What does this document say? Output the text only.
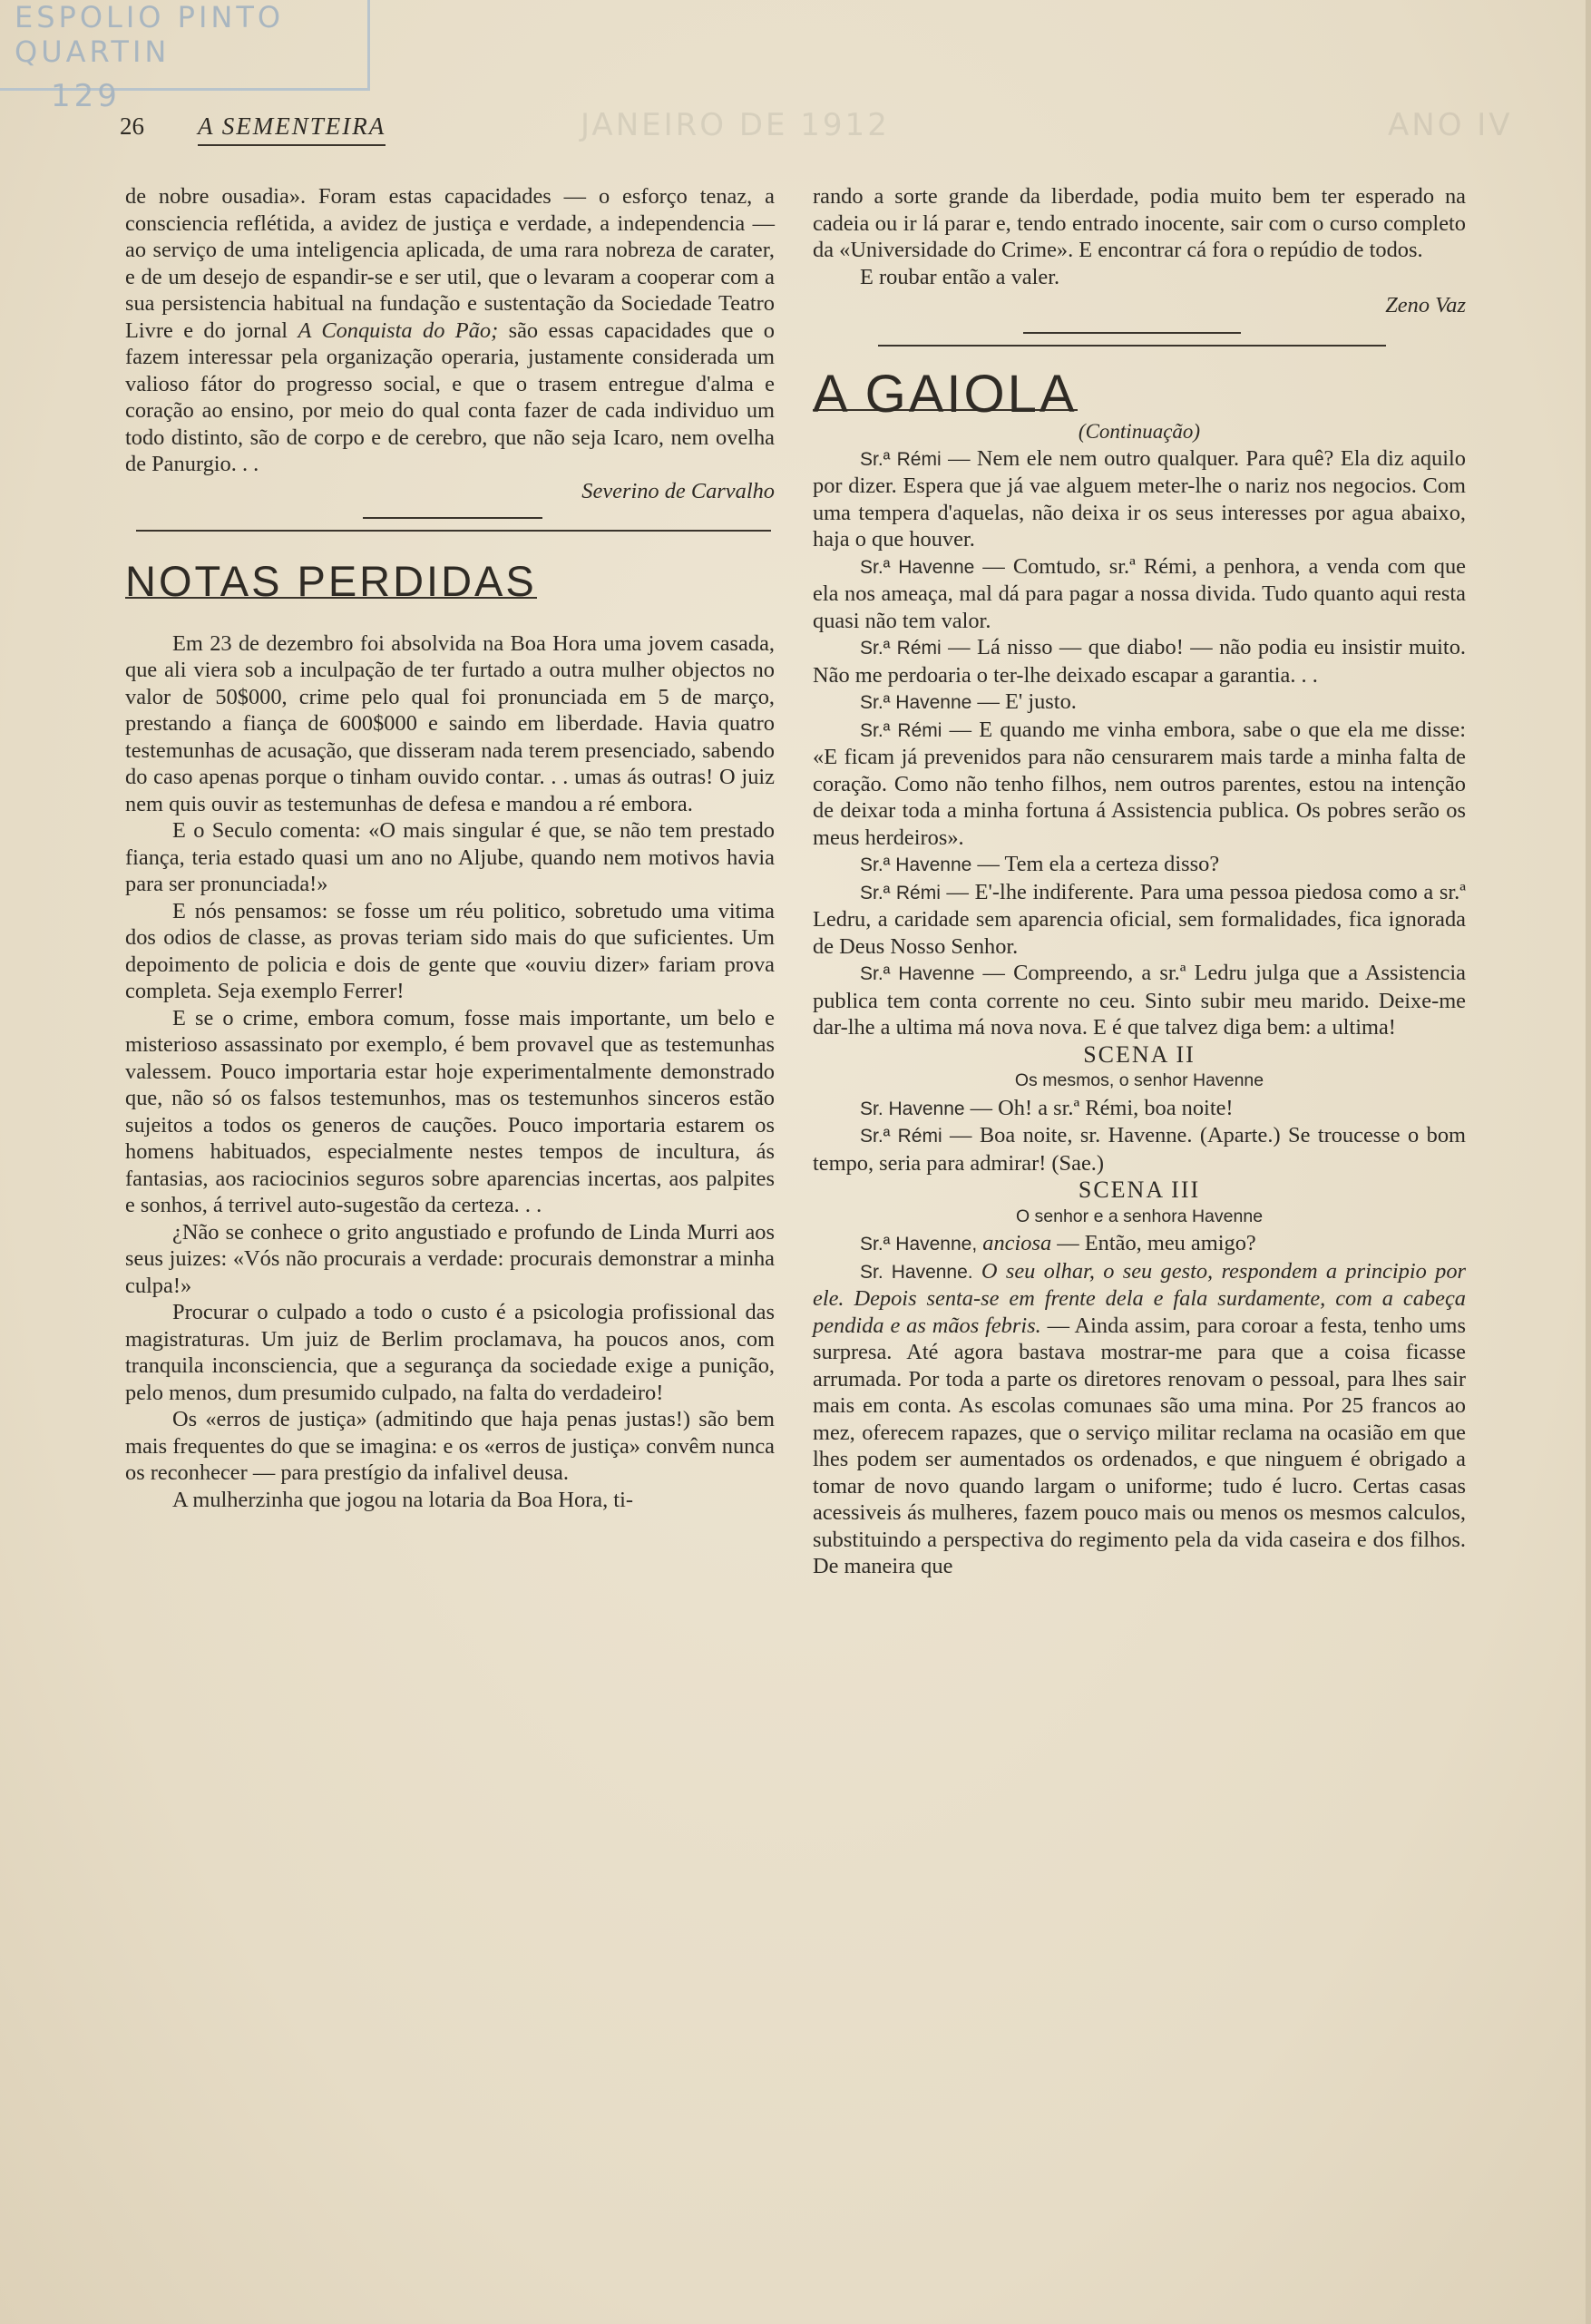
ESPOLIO PINTO QUARTIN
129
JANEIRO DE 1912	ANO IV
26 A SEMENTEIRA

de nobre ousadia». Foram estas capacidades — o esforço tenaz, a consciencia reflétida, a avidez de justiça e verdade, a independencia — ao serviço de uma inteligencia aplicada, de uma rara nobreza de carater, e de um desejo de espandir-se e ser util, que o levaram a cooperar com a sua persistencia habitual na fundação e sustentação da Sociedade Teatro Livre e do jornal A Conquista do Pão; são essas capacidades que o fazem interessar pela organização operaria, justamente considerada um valioso fátor do progresso social, e que o trasem entregue d'alma e coração ao ensino, por meio do qual conta fazer de cada individuo um todo distinto, são de corpo e de cerebro, que não seja Icaro, nem ovelha de Panurgio. . .

Severino de Carvalho

NOTAS PERDIDAS

Em 23 de dezembro foi absolvida na Boa Hora uma jovem casada, que ali viera sob a inculpação de ter furtado a outra mulher objectos no valor de 50$000, crime pelo qual foi pronunciada em 5 de março, prestando a fiança de 600$000 e saindo em liberdade. Havia quatro testemunhas de acusação, que disseram nada terem presenciado, sabendo do caso apenas porque o tinham ouvido contar. . . umas ás outras! O juiz nem quis ouvir as testemunhas de defesa e mandou a ré embora.

E o Seculo comenta: «O mais singular é que, se não tem prestado fiança, teria estado quasi um ano no Aljube, quando nem motivos havia para ser pronunciada!»

E nós pensamos: se fosse um réu politico, sobretudo uma vitima dos odios de classe, as provas teriam sido mais do que suficientes. Um depoimento de policia e dois de gente que «ouviu dizer» fariam prova completa. Seja exemplo Ferrer!

E se o crime, embora comum, fosse mais importante, um belo e misterioso assassinato por exemplo, é bem provavel que as testemunhas valessem. Pouco importaria estar hoje experimentalmente demonstrado que, não só os falsos testemunhos, mas os testemunhos sinceros estão sujeitos a todos os generos de cauções. Pouco importaria estarem os homens habituados, especialmente nestes tempos de incultura, ás fantasias, aos raciocinios seguros sobre aparencias incertas, aos palpites e sonhos, á terrivel auto-sugestão da certeza. . .

¿Não se conhece o grito angustiado e profundo de Linda Murri aos seus juizes: «Vós não procurais a verdade: procurais demonstrar a minha culpa!»

Procurar o culpado a todo o custo é a psicologia profissional das magistraturas. Um juiz de Berlim proclamava, ha poucos anos, com tranquila inconsciencia, que a segurança da sociedade exige a punição, pelo menos, dum presumido culpado, na falta do verdadeiro!

Os «erros de justiça» (admitindo que haja penas justas!) são bem mais frequentes do que se imagina: e os «erros de justiça» convêm nunca os reconhecer — para prestígio da infalivel deusa.

A mulherzinha que jogou na lotaria da Boa Hora, ti-

rando a sorte grande da liberdade, podia muito bem ter esperado na cadeia ou ir lá parar e, tendo entrado inocente, sair com o curso completo da «Universidade do Crime». E encontrar cá fora o repúdio de todos.

E roubar então a valer.

Zeno Vaz

A GAIOLA

(Continuação)

Sr.ª Rémi — Nem ele nem outro qualquer. Para quê? Ela diz aquilo por dizer. Espera que já vae alguem meter-lhe o nariz nos negocios. Com uma tempera d'aquelas, não deixa ir os seus interesses por agua abaixo, haja o que houver.

Sr.ª Havenne — Comtudo, sr.ª Rémi, a penhora, a venda com que ela nos ameaça, mal dá para pagar a nossa divida. Tudo quanto aqui resta quasi não tem valor.

Sr.ª Rémi — Lá nisso — que diabo! — não podia eu insistir muito. Não me perdoaria o ter-lhe deixado escapar a garantia. . .

Sr.ª Havenne — E' justo.

Sr.ª Rémi — E quando me vinha embora, sabe o que ela me disse: «E ficam já prevenidos para não censurarem mais tarde a minha falta de coração. Como não tenho filhos, nem outros parentes, estou na intenção de deixar toda a minha fortuna á Assistencia publica. Os pobres serão os meus herdeiros».

Sr.ª Havenne — Tem ela a certeza disso?

Sr.ª Rémi — E'-lhe indiferente. Para uma pessoa piedosa como a sr.ª Ledru, a caridade sem aparencia oficial, sem formalidades, fica ignorada de Deus Nosso Senhor.

Sr.ª Havenne — Compreendo, a sr.ª Ledru julga que a Assistencia publica tem conta corrente no ceu. Sinto subir meu marido. Deixe-me dar-lhe a ultima má nova nova. E é que talvez diga bem: a ultima!

SCENA II

Os mesmos, o senhor Havenne

Sr. Havenne — Oh! a sr.ª Rémi, boa noite!

Sr.ª Rémi — Boa noite, sr. Havenne. (Aparte.) Se troucesse o bom tempo, seria para admirar! (Sae.)

SCENA III

O senhor e a senhora Havenne

Sr.ª Havenne, anciosa — Então, meu amigo?

Sr. Havenne. O seu olhar, o seu gesto, respondem a principio por ele. Depois senta-se em frente dela e fala surdamente, com a cabeça pendida e as mãos febris. — Ainda assim, para coroar a festa, tenho ums surpresa. Até agora bastava mostrar-me para que a coisa ficasse arrumada. Por toda a parte os diretores renovam o pessoal, para lhes sair mais em conta. As escolas comunaes são uma mina. Por 25 francos ao mez, oferecem rapazes, que o serviço militar reclama na ocasião em que lhes podem ser aumentados os ordenados, e que ninguem é obrigado a tomar de novo quando largam o uniforme; tudo é lucro. Certas casas acessiveis ás mulheres, fazem pouco mais ou menos os mesmos calculos, substituindo a perspectiva do regimento pela da vida caseira e dos filhos. De maneira que
